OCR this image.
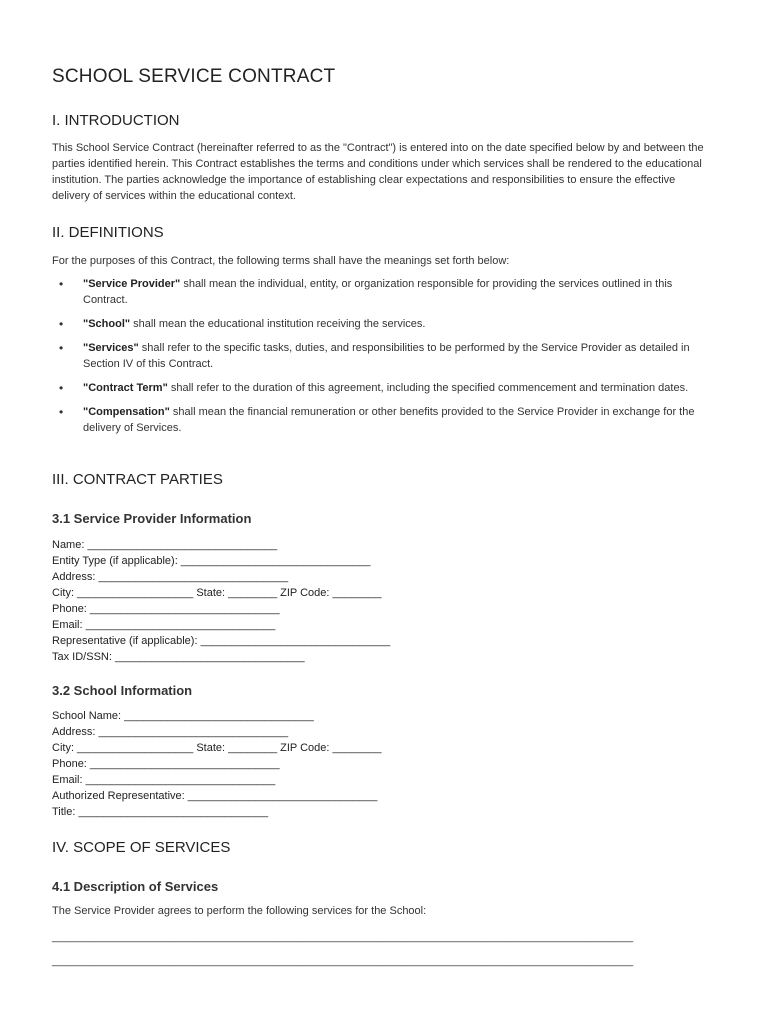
SCHOOL SERVICE CONTRACT
I. INTRODUCTION

This School Service Contract (hereinafter referred to as the "Contract") is entered into on the date specified below by and between the parties identified herein. This Contract establishes the terms and conditions under which services shall be rendered to the educational institution. The parties acknowledge the importance of establishing clear expectations and responsibilities to ensure the effective delivery of services within the educational context.

II. DEFINITIONS

For the purposes of this Contract, the following terms shall have the meanings set forth below:

• "Service Provider" shall mean the individual, entity, or organization responsible for providing the services outlined in this Contract.
• "School" shall mean the educational institution receiving the services.
• "Services" shall refer to the specific tasks, duties, and responsibilities to be performed by the Service Provider as detailed in Section IV of this Contract.
• "Contract Term" shall refer to the duration of this agreement, including the specified commencement and termination dates.
• "Compensation" shall mean the financial remuneration or other benefits provided to the Service Provider in exchange for the delivery of Services.
III. CONTRACT PARTIES
3.1 Service Provider Information
Name: _______________________________
Entity Type (if applicable): _______________________________
Address: _______________________________
City: ___________________ State: ________ ZIP Code: ________
Phone: _______________________________
Email: _______________________________
Representative (if applicable): _______________________________
Tax ID/SSN: _______________________________
3.2 School Information
School Name: _______________________________
Address: _______________________________
City: ___________________ State: ________ ZIP Code: ________
Phone: _______________________________
Email: _______________________________
Authorized Representative: _______________________________
Title: _______________________________
IV. SCOPE OF SERVICES
4.1 Description of Services

The Service Provider agrees to perform the following services for the School:

_______________________________________________________________________________________________
_______________________________________________________________________________________________
